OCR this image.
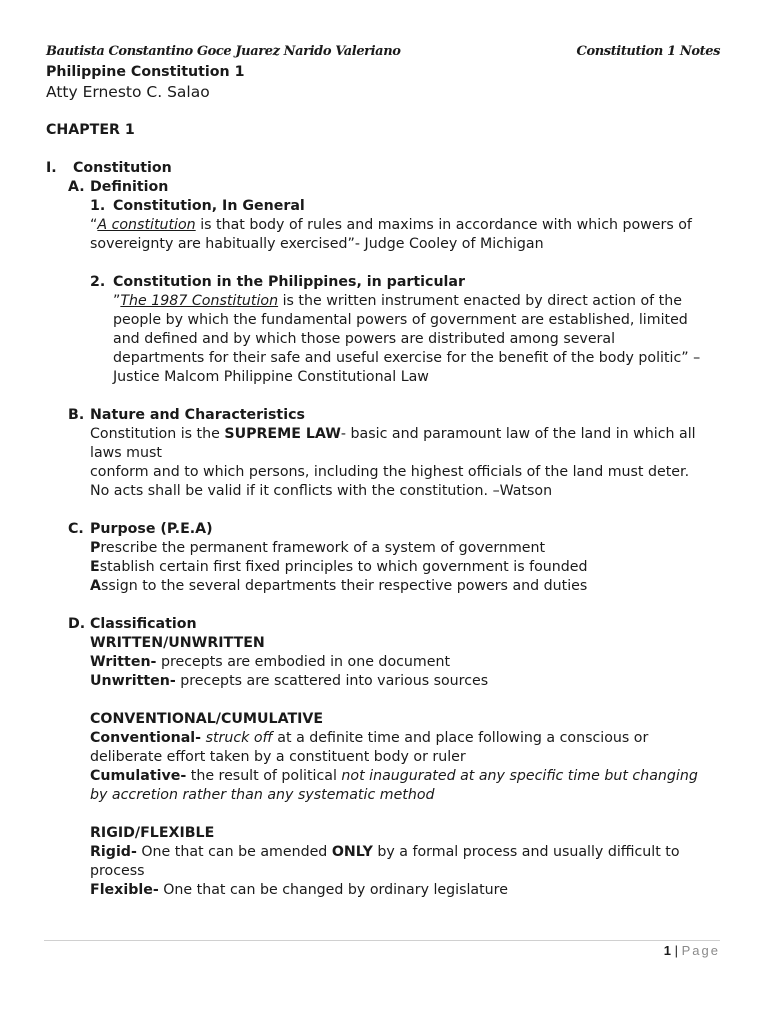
Bautista Constantino Goce Juarez Narido Valeriano	Constitution 1 Notes
Philippine Constitution 1
Atty Ernesto C. Salao
CHAPTER 1
I. Constitution
A. Definition
1. Constitution, In General
“A constitution is that body of rules and maxims in accordance with which powers of
sovereignty are habitually exercised”- Judge Cooley of Michigan
2. Constitution in the Philippines, in particular
”The 1987 Constitution is the written instrument enacted by direct action of the
people by which the fundamental powers of government are established, limited
and defined and by which those powers are distributed among several
departments for their safe and useful exercise for the benefit of the body politic” –
Justice Malcom Philippine Constitutional Law
B. Nature and Characteristics
Constitution is the SUPREME LAW- basic and paramount law of the land in which all
laws must
conform and to which persons, including the highest officials of the land must deter.
No acts shall be valid if it conflicts with the constitution. –Watson
C. Purpose (P.E.A)
Prescribe the permanent framework of a system of government
Establish certain first fixed principles to which government is founded
Assign to the several departments their respective powers and duties
D. Classification
WRITTEN/UNWRITTEN
Written- precepts are embodied in one document
Unwritten- precepts are scattered into various sources
CONVENTIONAL/CUMULATIVE
Conventional- struck off at a definite time and place following a conscious or
deliberate effort taken by a constituent body or ruler
Cumulative- the result of political not inaugurated at any specific time but changing
by accretion rather than any systematic method
RIGID/FLEXIBLE
Rigid- One that can be amended ONLY by a formal process and usually difficult to
process
Flexible- One that can be changed by ordinary legislature
1 | Page
